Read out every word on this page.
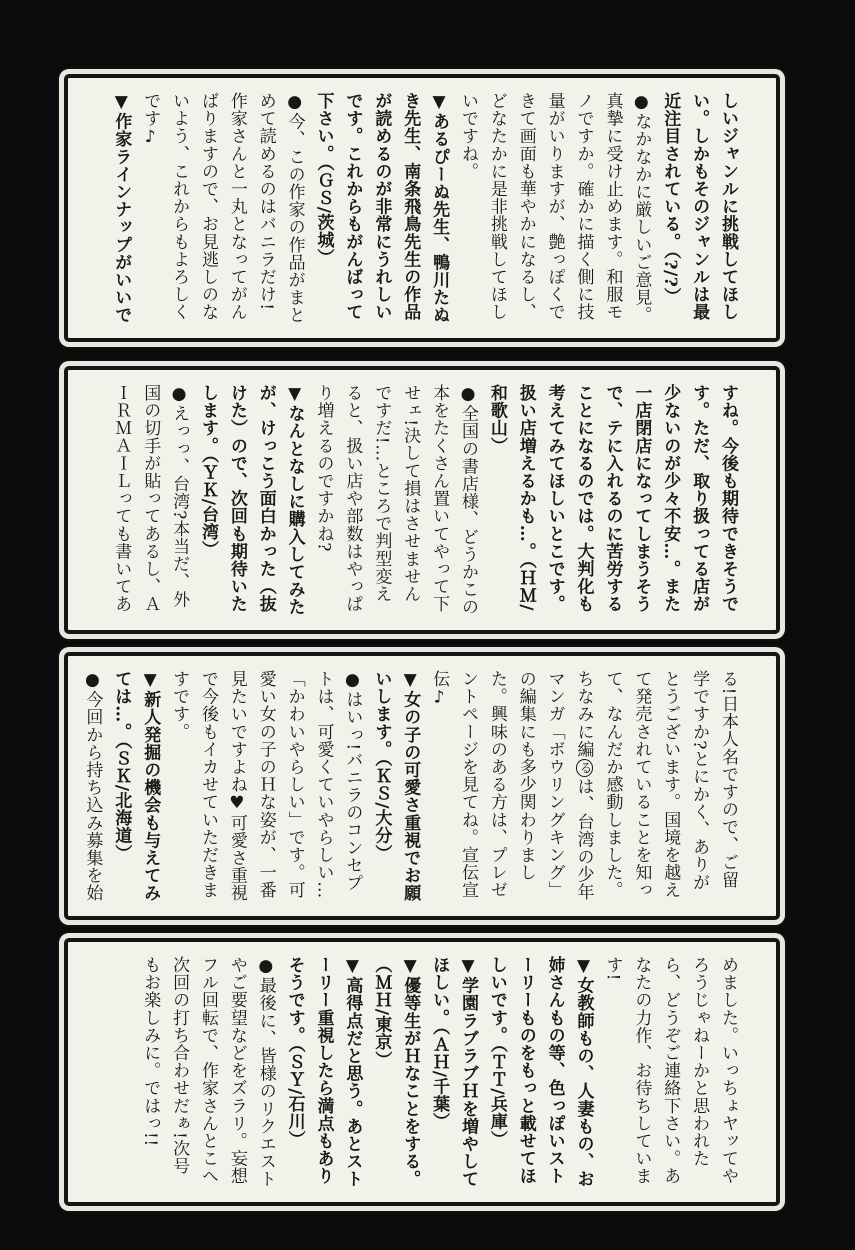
しいジャンルに挑戦してほしい。しかもそのジャンルは最近注目されている。（?/?）

●なかなかに厳しいご意見。真摯に受け止めます。和服モノですか。確かに描く側に技量がいりますが、艶っぽくできて画面も華やかになるし、どなたかに是非挑戦してほしいですね。

▼あるぴーぬ先生、鴨川たぬき先生、南条飛鳥先生の作品が読めるのが非常にうれしいです。これからもがんばって下さい。（ＧＳ/茨城）

●今、この作家の作品がまとめて読めるのはバニラだけ!作家さんと一丸となってがんばりますので、お見逃しのないよう、これからもよろしくです♪

▼作家ラインナップがいいで

すね。今後も期待できそうです。ただ、取り扱ってる店が少ないのが少々不安…。また一店閉店になってしまうそうで、テに入れるのに苦労することになるのでは。大判化も考えてみてほしいとこです。扱い店増えるかも…。（ＨＭ/和歌山）

●全国の書店様、どうかこの本をたくさん置いてやって下せェ!決して損はさせませんですだ!…ところで判型変えると、扱い店や部数はやっぱり増えるのですかね?

▼なんとなしに購入してみたが、けっこう面白かった（抜けた）ので、次回も期待いたします。（ＹＫ/台湾）

●えっっ、台湾?本当だ、外国の切手が貼ってあるし、ＡＩＲＭＡＩＬっても書いてあ

る!日本人名ですので、ご留学ですか?とにかく、ありがとうございます。国境を越えて発売されていることを知って、なんだか感動しました。ちなみに編るは、台湾の少年マンガ「ボウリングキング」の編集にも多少関わりました。興味のある方は、プレゼントページを見てね。宣伝宣伝♪

▼女の子の可愛さ重視でお願いします。（ＫＳ/大分）

●はいっ!バニラのコンセプトは、可愛くていやらしい…「かわいやらしい」です。可愛い女の子のＨな姿が、一番見たいですよね♥可愛さ重視で今後もイカせていただきますです。

▼新人発掘の機会も与えてみては…。（ＳＫ/北海道）

●今回から持ち込み募集を始

めました。いっちょヤッてやろうじゃねーかと思われたら、どうぞご連絡下さい。あなたの力作、お待ちしています!

▼女教師もの、人妻もの、お姉さんもの等、色っぽいストーリーものをもっと載せてほしいです。（ＴＴ/兵庫）

▼学園ラブラブＨを増やしてほしい。（ＡＨ/千葉）

▼優等生がＨなことをする。（ＭＨ/東京）

▼高得点だと思う。あとストーリー重視したら満点もありそうです。（ＳＹ/石川）

●最後に、皆様のリクエストやご要望などをズラリ。妄想フル回転で、作家さんとこへ次回の打ち合わせだぁ!次号もお楽しみに。ではっ!!
